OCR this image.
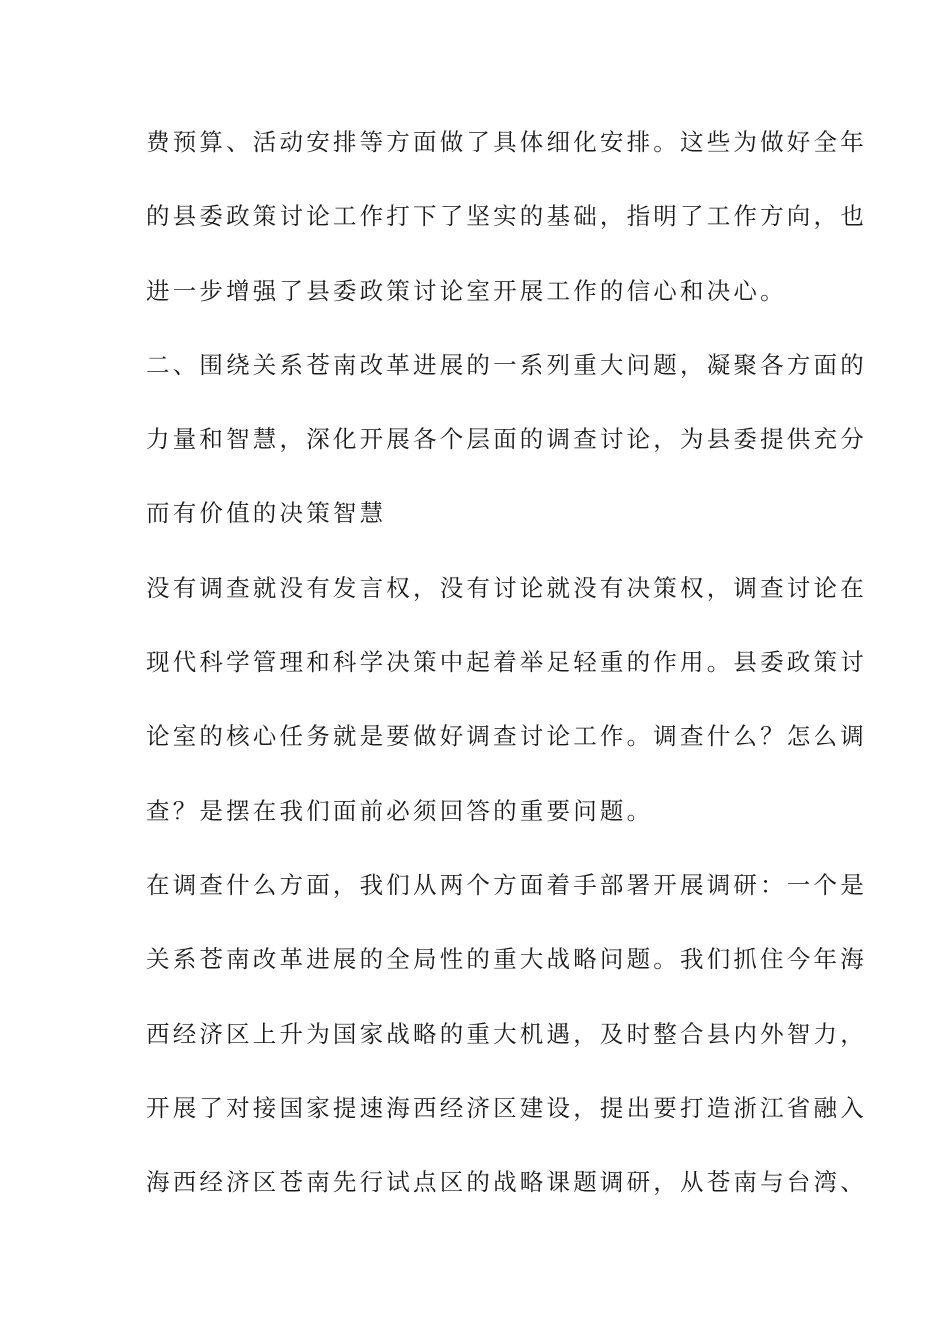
费预算、活动安排等方面做了具体细化安排。这些为做好全年
的县委政策讨论工作打下了坚实的基础，指明了工作方向，也
进一步增强了县委政策讨论室开展工作的信心和决心。
二、围绕关系苍南改革进展的一系列重大问题，凝聚各方面的
力量和智慧，深化开展各个层面的调查讨论，为县委提供充分
而有价值的决策智慧
没有调查就没有发言权，没有讨论就没有决策权，调查讨论在
现代科学管理和科学决策中起着举足轻重的作用。县委政策讨
论室的核心任务就是要做好调查讨论工作。调查什么？怎么调
查？是摆在我们面前必须回答的重要问题。
在调查什么方面，我们从两个方面着手部署开展调研：一个是
关系苍南改革进展的全局性的重大战略问题。我们抓住今年海
西经济区上升为国家战略的重大机遇，及时整合县内外智力，
开展了对接国家提速海西经济区建设，提出要打造浙江省融入
海西经济区苍南先行试点区的战略课题调研，从苍南与台湾、
